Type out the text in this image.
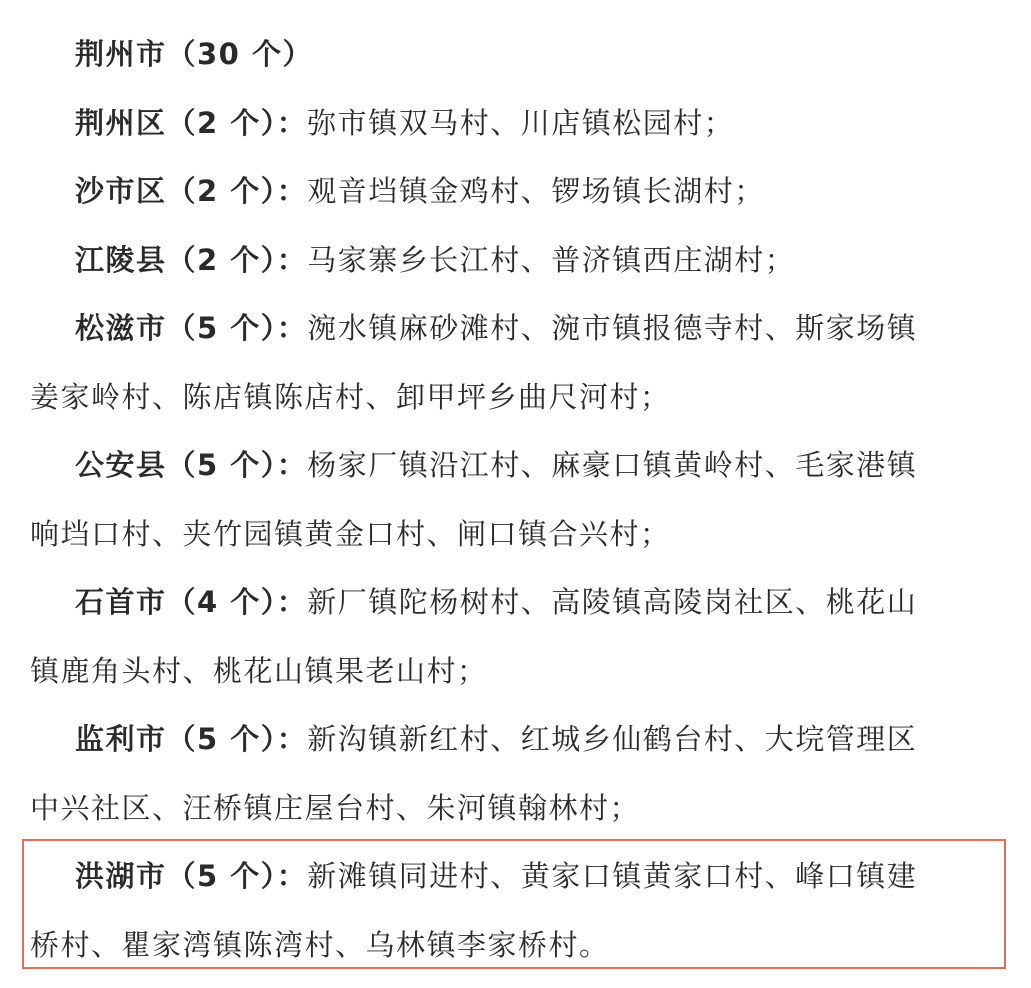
荆州市（30 个）
荆州区（2 个）：弥市镇双马村、川店镇松园村；
沙市区（2 个）：观音垱镇金鸡村、锣场镇长湖村；
江陵县（2 个）：马家寨乡长江村、普济镇西庄湖村；
松滋市（5 个）：涴水镇麻砂滩村、涴市镇报德寺村、斯家场镇
姜家岭村、陈店镇陈店村、卸甲坪乡曲尺河村；
公安县（5 个）：杨家厂镇沿江村、麻豪口镇黄岭村、毛家港镇
响垱口村、夹竹园镇黄金口村、闸口镇合兴村；
石首市（4 个）：新厂镇陀杨树村、高陵镇高陵岗社区、桃花山
镇鹿角头村、桃花山镇果老山村；
监利市（5 个）：新沟镇新红村、红城乡仙鹤台村、大垸管理区
中兴社区、汪桥镇庄屋台村、朱河镇翰林村；
洪湖市（5 个）：新滩镇同进村、黄家口镇黄家口村、峰口镇建
桥村、瞿家湾镇陈湾村、乌林镇李家桥村。
